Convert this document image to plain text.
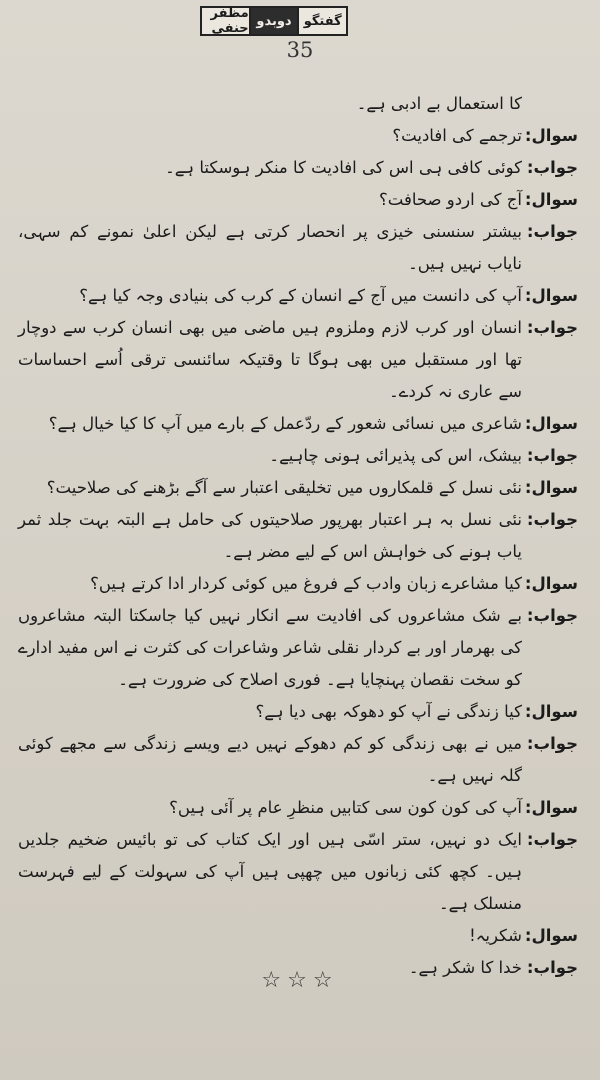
گفتگو
دوبدو
مظفر حنفی
35
کا استعمال بے ادبی ہے۔
سوال:
ترجمے کی افادیت؟
جواب:
کوئی کافی ہی اس کی افادیت کا منکر ہوسکتا ہے۔
سوال:
آج کی اردو صحافت؟
جواب:
بیشتر سنسنی خیزی پر انحصار کرتی ہے لیکن اعلیٰ نمونے کم سہی، نایاب نہیں ہیں۔
سوال:
آپ کی دانست میں آج کے انسان کے کرب کی بنیادی وجہ کیا ہے؟
جواب:
انسان اور کرب لازم وملزوم ہیں ماضی میں بھی انسان کرب سے دوچار تھا اور مستقبل میں بھی ہوگا تا وقتیکہ سائنسی ترقی اُسے احساسات سے عاری نہ کردے۔
سوال:
شاعری میں نسائی شعور کے ردّعمل کے بارے میں آپ کا کیا خیال ہے؟
جواب:
بیشک، اس کی پذیرائی ہونی چاہیے۔
سوال:
نئی نسل کے قلمکاروں میں تخلیقی اعتبار سے آگے بڑھنے کی صلاحیت؟
جواب:
نئی نسل بہ ہر اعتبار بھرپور صلاحیتوں کی حامل ہے البتہ بہت جلد ثمر یاب ہونے کی خواہش اس کے لیے مضر ہے۔
سوال:
کیا مشاعرے زبان وادب کے فروغ میں کوئی کردار ادا کرتے ہیں؟
جواب:
بے شک مشاعروں کی افادیت سے انکار نہیں کیا جاسکتا البتہ مشاعروں کی بھرمار اور بے کردار نقلی شاعر وشاعرات کی کثرت نے اس مفید ادارے کو سخت نقصان پہنچایا ہے۔ فوری اصلاح کی ضرورت ہے۔
سوال:
کیا زندگی نے آپ کو دھوکہ بھی دیا ہے؟
جواب:
میں نے بھی زندگی کو کم دھوکے نہیں دیے ویسے زندگی سے مجھے کوئی گلہ نہیں ہے۔
سوال:
آپ کی کون کون سی کتابیں منظرِ عام پر آئی ہیں؟
جواب:
ایک دو نہیں، ستر اسّی ہیں اور ایک کتاب کی تو بائیس ضخیم جلدیں ہیں۔ کچھ کئی زبانوں میں چھپی ہیں آپ کی سہولت کے لیے فہرست منسلک ہے۔
سوال:
شکریہ!
جواب:
خدا کا شکر ہے۔
☆☆☆
